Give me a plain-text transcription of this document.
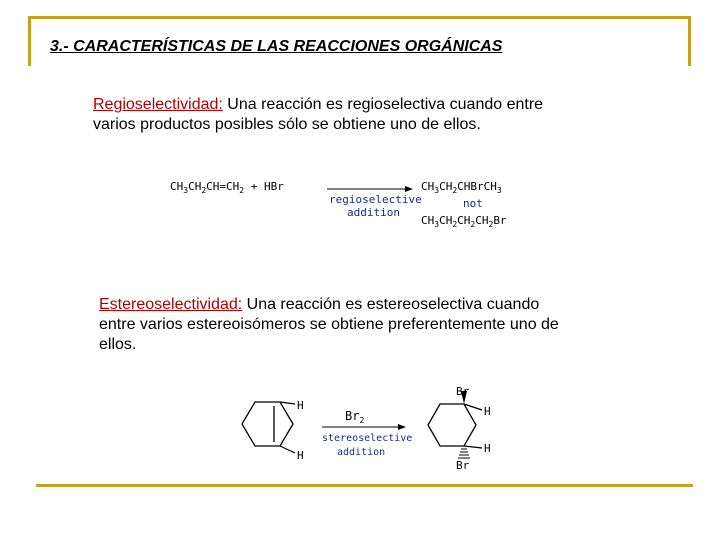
3.- CARACTERÍSTICAS DE LAS REACCIONES ORGÁNICAS
Regioselectividad: Una reacción es regioselectiva cuando entre
varios productos posibles sólo se obtiene uno de ellos.
$CH_3CH_2CH=CH_2$ + HBr
regioselective
addition
$CH_3CH_2CHBrCH_3$
not
$CH_3CH_2CH_2CH_2Br$
Estereoselectividad: Una reacción es estereoselectiva cuando
entre varios estereoisómeros se obtiene preferentemente uno de
ellos.
H
H
$Br_2$
stereoselective
addition
Br
H
Br
H
